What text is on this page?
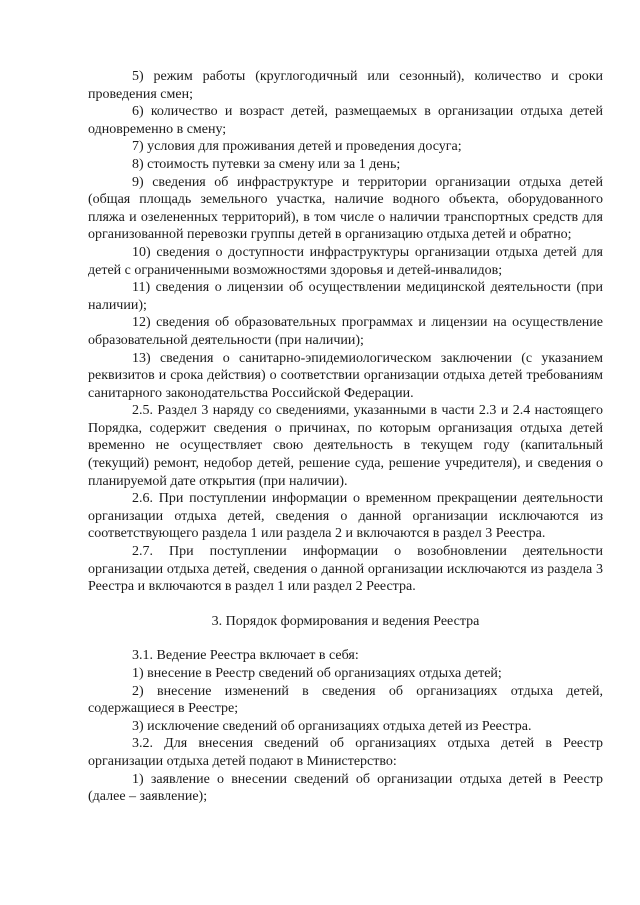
5) режим работы (круглогодичный или сезонный), количество и сроки проведения смен;

6) количество и возраст детей, размещаемых в организации отдыха детей одновременно в смену;

7) условия для проживания детей и проведения досуга;

8) стоимость путевки за смену или за 1 день;

9) сведения об инфраструктуре и территории организации отдыха детей (общая площадь земельного участка, наличие водного объекта, оборудованного пляжа и озелененных территорий), в том числе о наличии транспортных средств для организованной перевозки группы детей в организацию отдыха детей и обратно;

10) сведения о доступности инфраструктуры организации отдыха детей для детей с ограниченными возможностями здоровья и детей-инвалидов;

11) сведения о лицензии об осуществлении медицинской деятельности (при наличии);

12) сведения об образовательных программах и лицензии на осуществление образовательной деятельности (при наличии);

13) сведения о санитарно-эпидемиологическом заключении (с указанием реквизитов и срока действия) о соответствии организации отдыха детей требованиям санитарного законодательства Российской Федерации.

2.5. Раздел 3 наряду со сведениями, указанными в части 2.3 и 2.4 настоящего Порядка, содержит сведения о причинах, по которым организация отдыха детей временно не осуществляет свою деятельность в текущем году (капитальный (текущий) ремонт, недобор детей, решение суда, решение учредителя), и сведения о планируемой дате открытия (при наличии).

2.6. При поступлении информации о временном прекращении деятельности организации отдыха детей, сведения о данной организации исключаются из соответствующего раздела 1 или раздела 2 и включаются в раздел 3 Реестра.

2.7. При поступлении информации о возобновлении деятельности организации отдыха детей, сведения о данной организации исключаются из раздела 3 Реестра и включаются в раздел 1 или раздел 2 Реестра.

3. Порядок формирования и ведения Реестра

3.1. Ведение Реестра включает в себя:

1) внесение в Реестр сведений об организациях отдыха детей;

2) внесение изменений в сведения об организациях отдыха детей, содержащиеся в Реестре;

3) исключение сведений об организациях отдыха детей из Реестра.

3.2. Для внесения сведений об организациях отдыха детей в Реестр организации отдыха детей подают в Министерство:

1) заявление о внесении сведений об организации отдыха детей в Реестр (далее – заявление);
